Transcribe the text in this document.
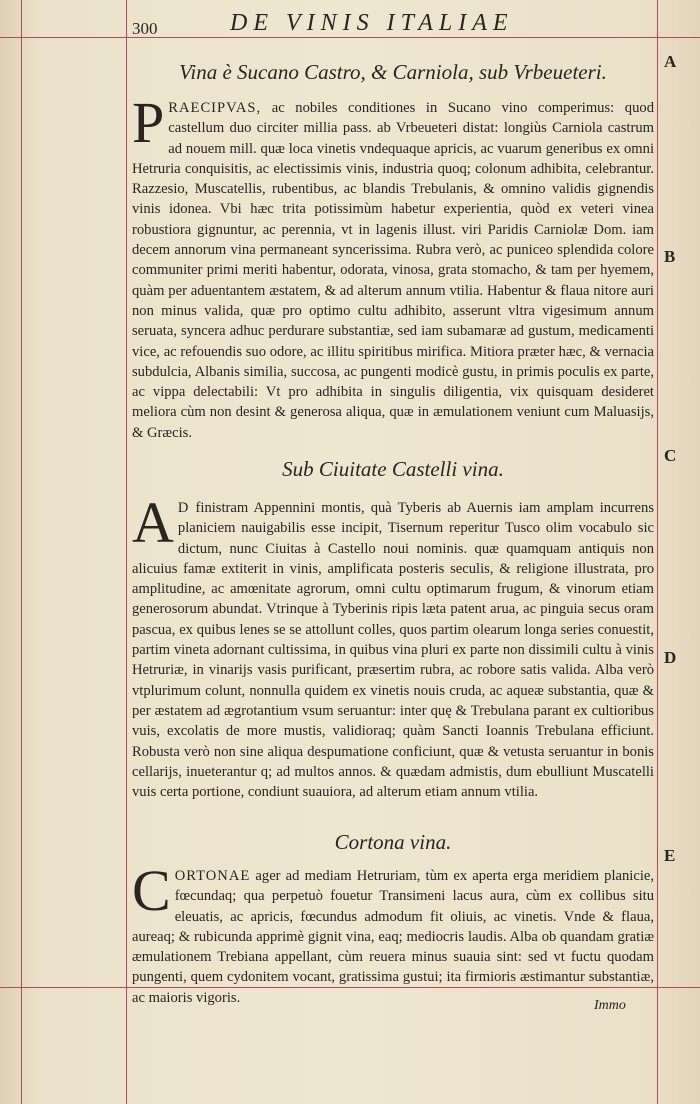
300	DE VINIS ITALIAE
Vina è Sucano Castro, & Carniola, sub Vrbeueteri.
PRAECIPVAS, ac nobiles conditiones in Sucano vino comperimus: quod castellum duo circiter millia pass. ab Vrbeueteri distat: longiùs Carniola castrum ad nouem mill. quæ loca vinetis vndequaque apricis, ac vuarum generibus ex omni Hetruria conquisitis, ac electissimis vinis, industria quoq; colonum adhibita, celebrantur. Razzesio, Muscatellis, rubentibus, ac blandis Trebulanis, & omnino validis gignendis vinis idonea. Vbi hæc trita potissimùm habetur experientia, quòd ex veteri vinea robustiora gignuntur, ac perennia, vt in lagenis illust. viri Paridis Carniolæ Dom. iam decem annorum vina permaneant syncerissima. Rubra verò, ac puniceo splendida colore communiter primi meriti habentur, odorata, vinosa, grata stomacho, & tam per hyemem, quàm per aduentantem æstatem, & ad alterum annum vtilia. Habentur & flaua nitore auri non minus valida, quæ pro optimo cultu adhibito, asserunt vltra vigesimum annum seruata, syncera adhuc perdurare substantiæ, sed iam subamaræ ad gustum, medicamenti vice, ac refouendis suo odore, ac illitu spiritibus mirifica. Mitiora præter hæc, & vernacia subdulcia, Albanis similia, succosa, ac pungenti modicè gustu, in primis poculis ex parte, ac vippa delectabili: Vt pro adhibita in singulis diligentia, vix quisquam desideret meliora cùm non desint & generosa aliqua, quæ in æmulationem veniunt cum Maluasijs, & Græcis.
Sub Ciuitate Castelli vina.
A D finistram Appennini montis, quà Tyberis ab Auernis iam amplam incurrens planiciem nauigabilis esse incipit, Tisernum reperitur Tusco olim vocabulo sic dictum, nunc Ciuitas à Castello noui nominis. quæ quamquam antiquis non alicuius famæ extiterit in vinis, amplificata posteris seculis, & religione illustrata, pro amplitudine, ac amœnitate agrorum, omni cultu optimarum frugum, & vinorum etiam generosorum abundat. Vtrinque à Tyberinis ripis læta patent arua, ac pinguia secus oram pascua, ex quibus lenes se se attollunt colles, quos partim olearum longa series conuestit, partim vineta adornant cultissima, in quibus vina pluri ex parte non dissimili cultu à vinis Hetruriæ, in vinarijs vasis purificant, præsertim rubra, ac robore satis valida. Alba verò vtplurimum colunt, nonnulla quidem ex vinetis nouis cruda, ac aqueæ substantia, quæ & per æstatem ad ægrotantium vsum seruantur: inter quę & Trebulana parant ex cultioribus vuis, excolatis de more mustis, validioraq; quàm Sancti Ioannis Trebulana efficiunt. Robusta verò non sine aliqua despumatione conficiunt, quæ & vetusta seruantur in bonis cellarijs, inueterantur q; ad multos annos. & quædam admistis, dum ebulliunt Muscatelli vuis certa portione, condiunt suauiora, ad alterum etiam annum vtilia.
Cortona vina.
CORTONAE ager ad mediam Hetruriam, tùm ex aperta erga meridiem planicie, fœcundaq; qua perpetuò fouetur Transimeni lacus aura, cùm ex collibus situ eleuatis, ac apricis, fœcundus admodum fit oliuis, ac vinetis. Vnde & flaua, aureaq; & rubicunda apprimè gignit vina, eaq; mediocris laudis. Alba ob quandam gratiæ æmulationem Trebiana appellant, cùm reuera minus suauia sint: sed vt fuctu quodam pungenti, quem cydonitem vocant, gratissima gustui; ita firmioris æstimantur substantiæ, ac maioris vigoris.
A
B
C
D
E
Immo
